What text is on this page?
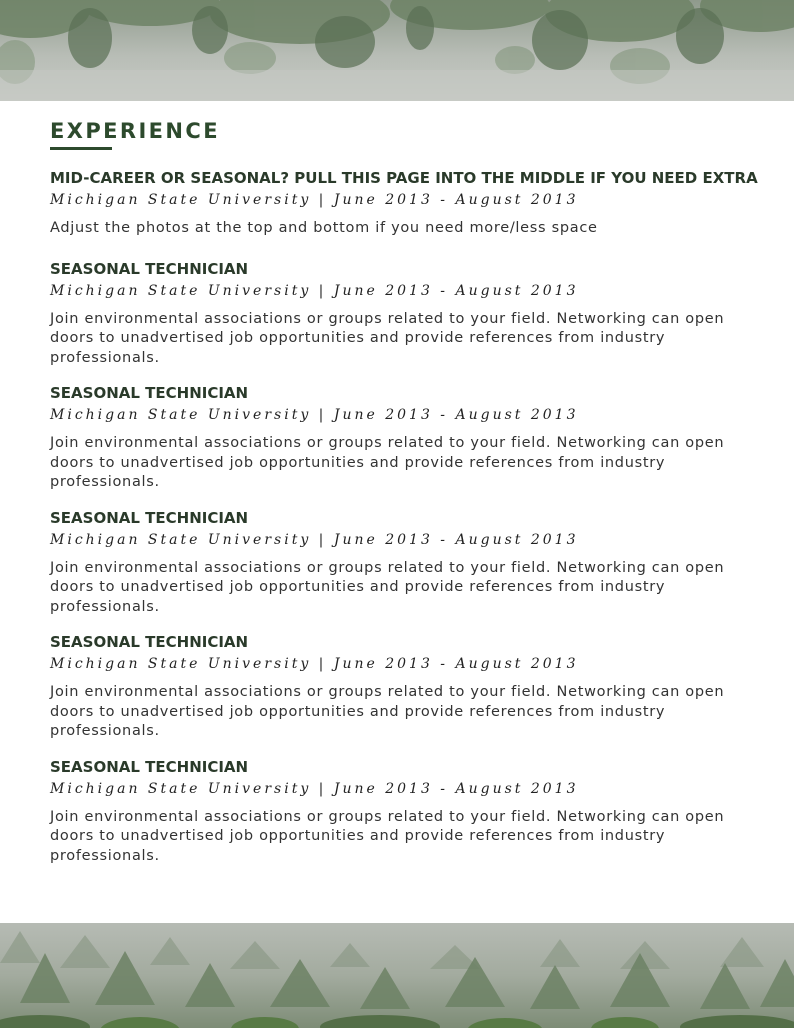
EXPERIENCE

MID-CAREER OR SEASONAL? PULL THIS PAGE INTO THE MIDDLE IF YOU NEED EXTRA

Michigan State University | June 2013 - August 2013

Adjust the photos at the top and bottom if you need more/less space

SEASONAL TECHNICIAN

Michigan State University | June 2013 - August 2013

Join environmental associations or groups related to your field. Networking can open doors to unadvertised job opportunities and provide references from industry professionals.

SEASONAL TECHNICIAN

Michigan State University | June 2013 - August 2013

Join environmental associations or groups related to your field. Networking can open doors to unadvertised job opportunities and provide references from industry professionals.

SEASONAL TECHNICIAN

Michigan State University | June 2013 - August 2013

Join environmental associations or groups related to your field. Networking can open doors to unadvertised job opportunities and provide references from industry professionals.

SEASONAL TECHNICIAN

Michigan State University | June 2013 - August 2013

Join environmental associations or groups related to your field. Networking can open doors to unadvertised job opportunities and provide references from industry professionals.

SEASONAL TECHNICIAN

Michigan State University | June 2013 - August 2013

Join environmental associations or groups related to your field. Networking can open doors to unadvertised job opportunities and provide references from industry professionals.
